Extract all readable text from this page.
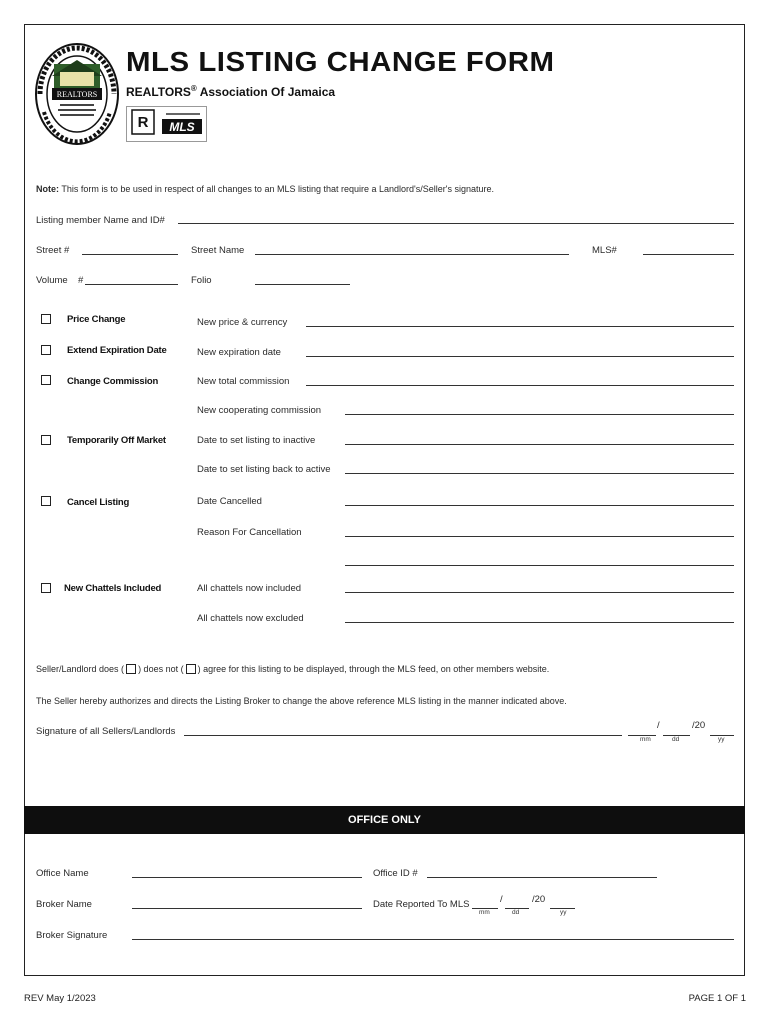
REALTORS
MLS LISTING CHANGE FORM
REALTORS® Association Of Jamaica
R MLS
Note: This form is to be used in respect of all changes to an MLS listing that require a Landlord's/Seller's signature.
Listing member Name and ID#
Street #	Street Name	MLS#
Volume #	Folio
Price Change	New price & currency
Extend Expiration Date	New expiration date
Change Commission	New total commission
New cooperating commission
Temporarily Off Market	Date to set listing to inactive
Date to set listing back to active
Cancel Listing	Date Cancelled
Reason For Cancellation
New Chattels Included	All chattels now included
All chattels now excluded
Seller/Landlord does ( ) does not ( ) agree for this listing to be displayed, through the MLS feed, on other members website.
The Seller hereby authorizes and directs the Listing Broker to change the above reference MLS listing in the manner indicated above.
Signature of all Sellers/Landlords
/	/20
mm	dd	yy
OFFICE ONLY
Office Name	Office ID #
Broker Name	Date Reported To MLS	/	/20
mm	dd	yy
Broker Signature
REV May 1/2023	PAGE 1 OF 1
